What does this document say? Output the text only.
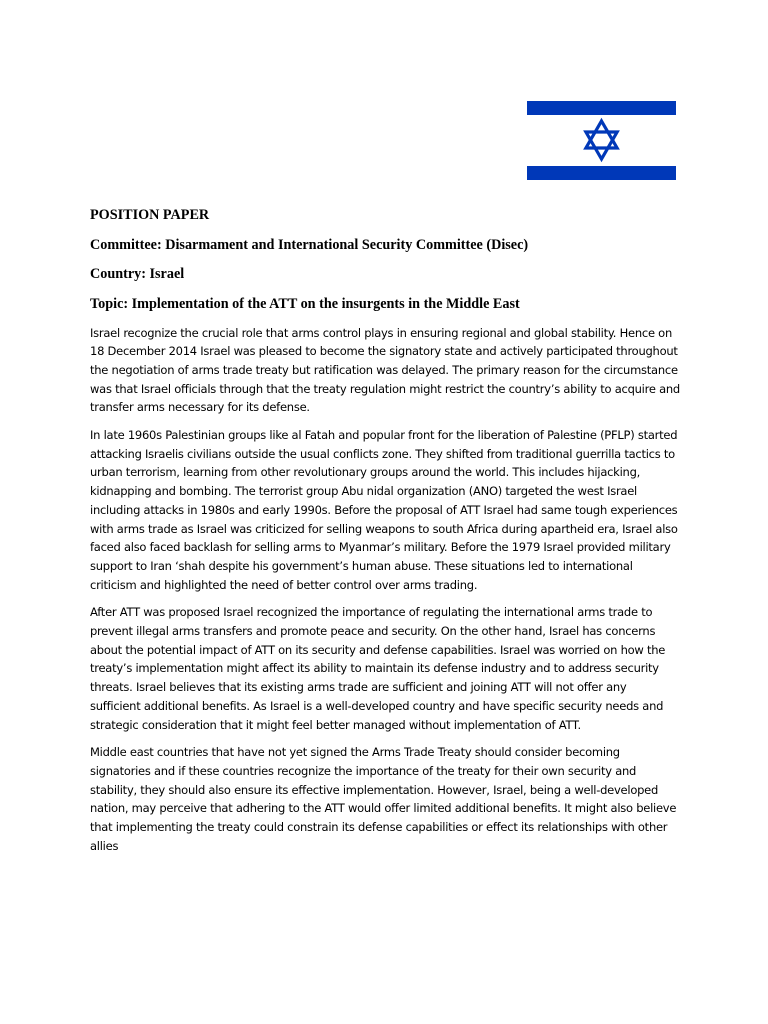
POSITION PAPER

Committee: Disarmament and International Security Committee (Disec)

Country: Israel

Topic: Implementation of the ATT on the insurgents in the Middle East

Israel recognize the crucial role that arms control plays in ensuring regional and global stability. Hence on 18 December 2014 Israel was pleased to become the signatory state and actively participated throughout the negotiation of arms trade treaty but ratification was delayed. The primary reason for the circumstance was that Israel officials through that the treaty regulation might restrict the country’s ability to acquire and transfer arms necessary for its defense.

In late 1960s Palestinian groups like al Fatah and popular front for the liberation of Palestine (PFLP) started attacking Israelis civilians outside the usual conflicts zone. They shifted from traditional guerrilla tactics to urban terrorism, learning from other revolutionary groups around the world. This includes hijacking, kidnapping and bombing. The terrorist group Abu nidal organization (ANO) targeted the west Israel including attacks in 1980s and early 1990s. Before the proposal of ATT Israel had same tough experiences with arms trade as Israel was criticized for selling weapons to south Africa during apartheid era, Israel also faced also faced backlash for selling arms to Myanmar’s military. Before the 1979 Israel provided military support to Iran ‘shah despite his government’s human abuse. These situations led to international criticism and highlighted the need of better control over arms trading.

After ATT was proposed Israel recognized the importance of regulating the international arms trade to prevent illegal arms transfers and promote peace and security. On the other hand, Israel has concerns about the potential impact of ATT on its security and defense capabilities. Israel was worried on how the treaty’s implementation might affect its ability to maintain its defense industry and to address security threats. Israel believes that its existing arms trade are sufficient and joining ATT will not offer any sufficient additional benefits. As Israel is a well-developed country and have specific security needs and strategic consideration that it might feel better managed without implementation of ATT.

Middle east countries that have not yet signed the Arms Trade Treaty should consider becoming signatories and if these countries recognize the importance of the treaty for their own security and stability, they should also ensure its effective implementation. However, Israel, being a well-developed nation, may perceive that adhering to the ATT would offer limited additional benefits. It might also believe that implementing the treaty could constrain its defense capabilities or effect its relationships with other allies
